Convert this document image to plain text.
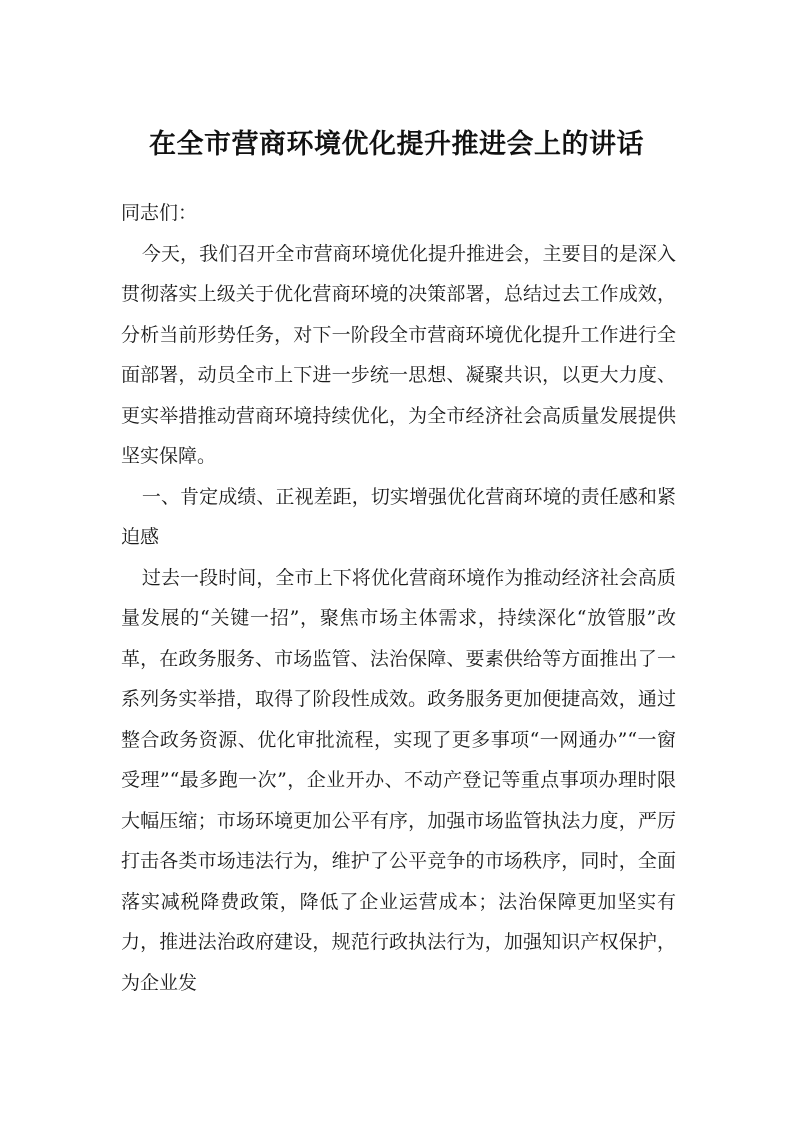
在全市营商环境优化提升推进会上的讲话

同志们：

今天，我们召开全市营商环境优化提升推进会，主要目的是深入贯彻落实上级关于优化营商环境的决策部署，总结过去工作成效，分析当前形势任务，对下一阶段全市营商环境优化提升工作进行全面部署，动员全市上下进一步统一思想、凝聚共识，以更大力度、更实举措推动营商环境持续优化，为全市经济社会高质量发展提供坚实保障。

一、肯定成绩、正视差距，切实增强优化营商环境的责任感和紧迫感

过去一段时间，全市上下将优化营商环境作为推动经济社会高质量发展的“关键一招”，聚焦市场主体需求，持续深化“放管服”改革，在政务服务、市场监管、法治保障、要素供给等方面推出了一系列务实举措，取得了阶段性成效。政务服务更加便捷高效，通过整合政务资源、优化审批流程，实现了更多事项“一网通办”“一窗受理”“最多跑一次”，企业开办、不动产登记等重点事项办理时限大幅压缩；市场环境更加公平有序，加强市场监管执法力度，严厉打击各类市场违法行为，维护了公平竞争的市场秩序，同时，全面落实减税降费政策，降低了企业运营成本；法治保障更加坚实有力，推进法治政府建设，规范行政执法行为，加强知识产权保护，为企业发
